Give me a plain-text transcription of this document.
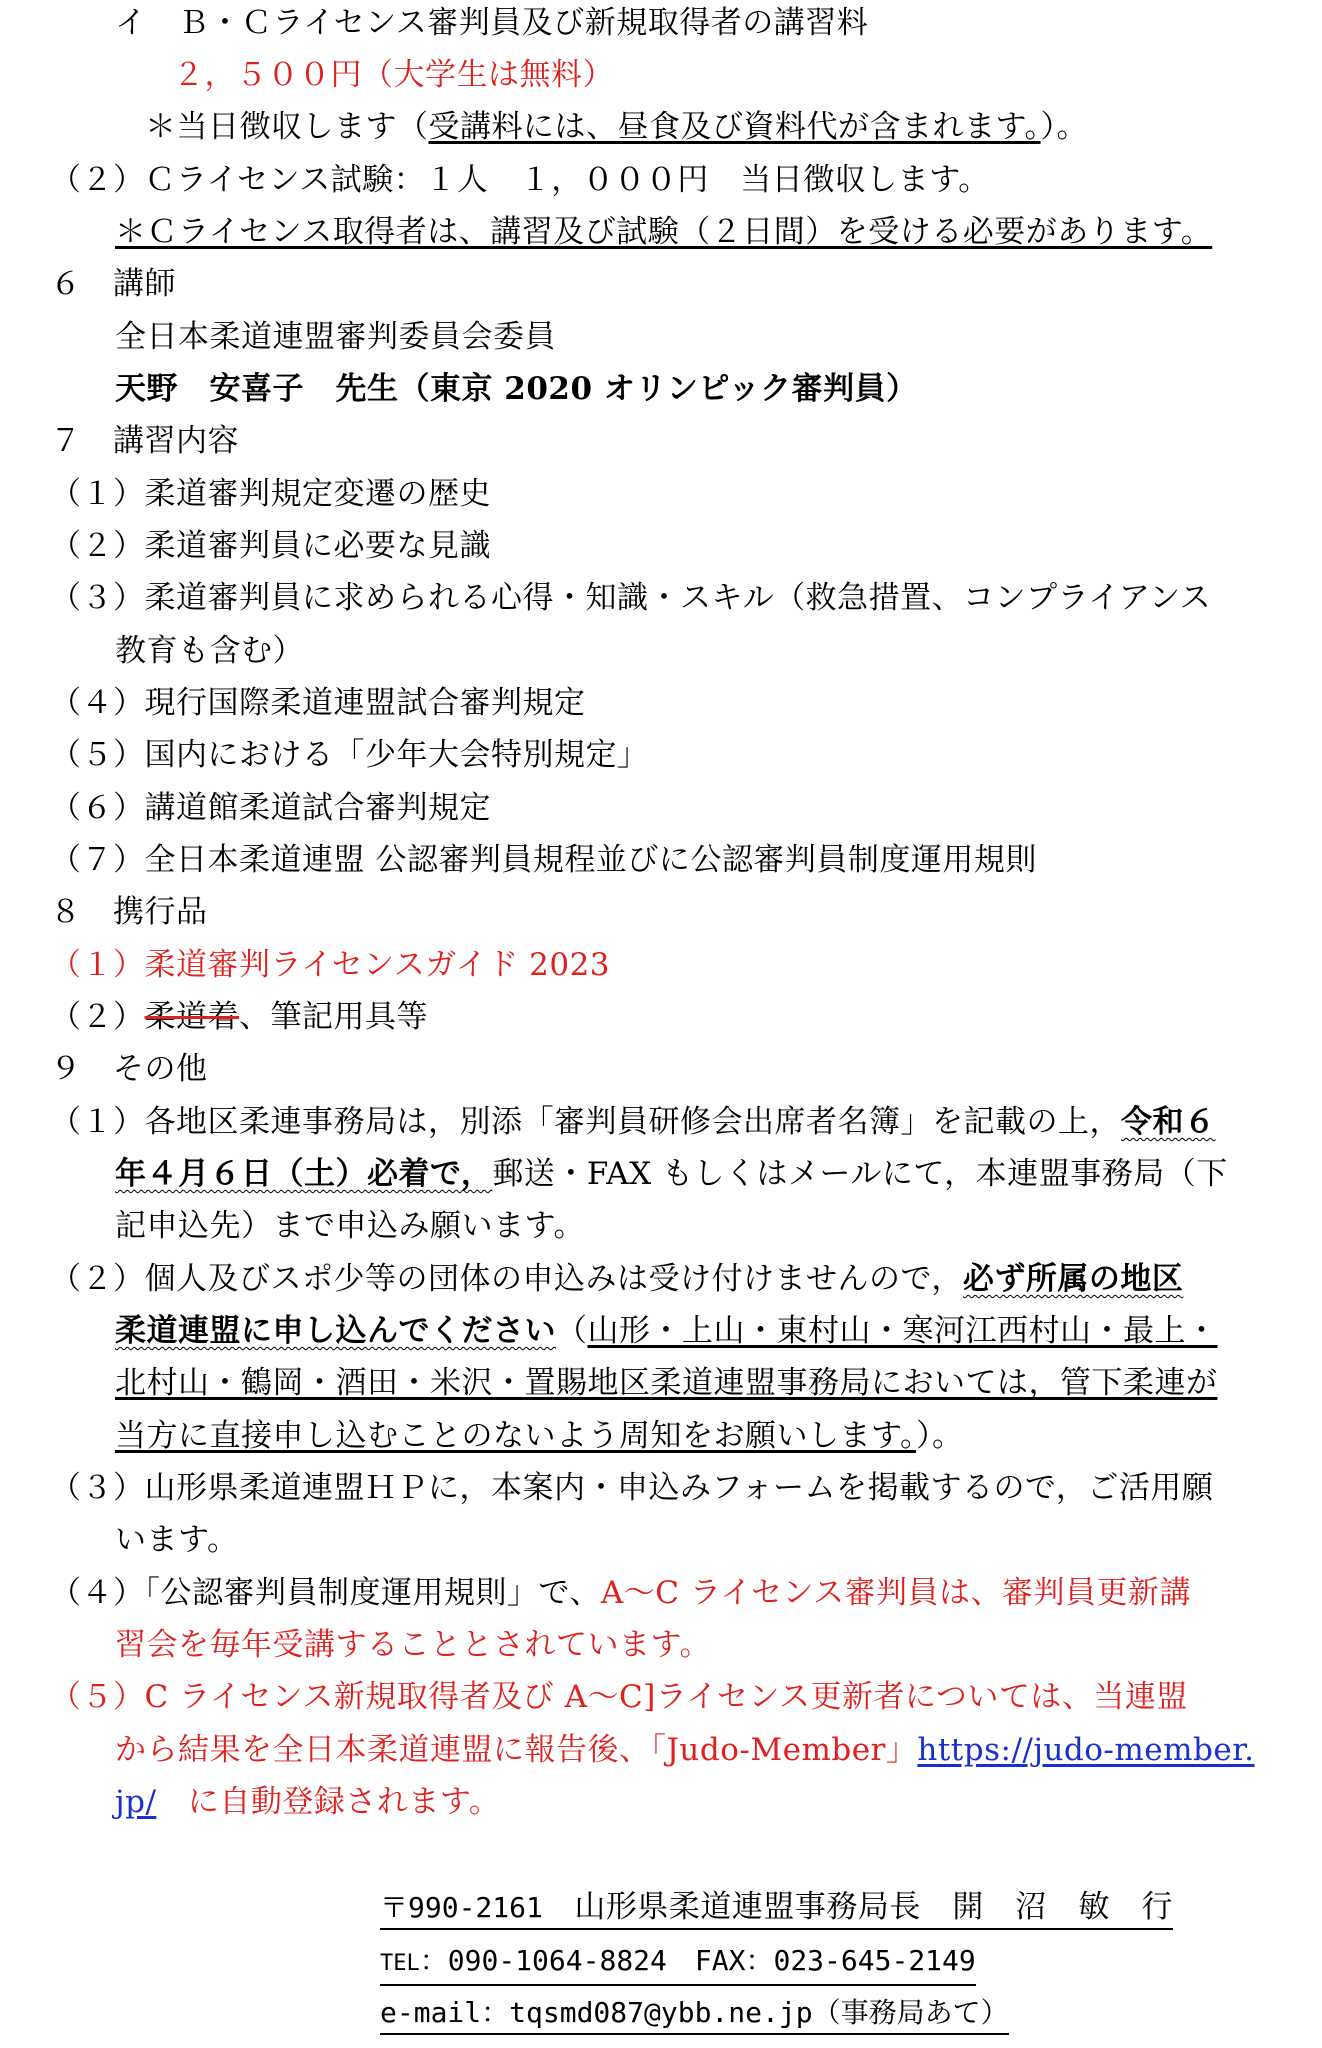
イ　Ｂ・Ｃライセンス審判員及び新規取得者の講習料
２，５００円（大学生は無料）
＊当日徴収します（受講料には、昼食及び資料代が含まれます。）。
（２）Ｃライセンス試験：１人　１，０００円　当日徴収します。
＊Ｃライセンス取得者は、講習及び試験（２日間）を受ける必要があります。
６　講師
全日本柔道連盟審判委員会委員
天野　安喜子　先生（東京 2020 オリンピック審判員）
７　講習内容
（１）柔道審判規定変遷の歴史
（２）柔道審判員に必要な見識
（３）柔道審判員に求められる心得・知識・スキル（救急措置、コンプライアンス
教育も含む）
（４）現行国際柔道連盟試合審判規定
（５）国内における「少年大会特別規定」
（６）講道館柔道試合審判規定
（７）全日本柔道連盟 公認審判員規程並びに公認審判員制度運用規則
８　携行品
（１）柔道審判ライセンスガイド 2023
（２）柔道着、筆記用具等
９　その他
（１）各地区柔連事務局は，別添「審判員研修会出席者名簿」を記載の上，令和６
年４月６日（土）必着で，郵送・FAX もしくはメールにて，本連盟事務局（下
記申込先）まで申込み願います。
（２）個人及びスポ少等の団体の申込みは受け付けませんので，必ず所属の地区
柔道連盟に申し込んでください（山形・上山・東村山・寒河江西村山・最上・
北村山・鶴岡・酒田・米沢・置賜地区柔道連盟事務局においては，管下柔連が
当方に直接申し込むことのないよう周知をお願いします。）。
（３）山形県柔道連盟ＨＰに，本案内・申込みフォームを掲載するので，ご活用願
います。
（４）「公認審判員制度運用規則」で、A～C ライセンス審判員は、審判員更新講
習会を毎年受講することとされています。
（５）C ライセンス新規取得者及び A～C]ライセンス更新者については、当連盟
から結果を全日本柔道連盟に報告後、「Judo-Member」https://judo-member.
jp/　に自動登録されます。
〒990-2161　 山形県柔道連盟事務局長　開　沼　敏　行
TEL：090-1064-8824　FAX：023-645-2149
e-mail：tqsmd087@ybb.ne.jp（事務局あて）
